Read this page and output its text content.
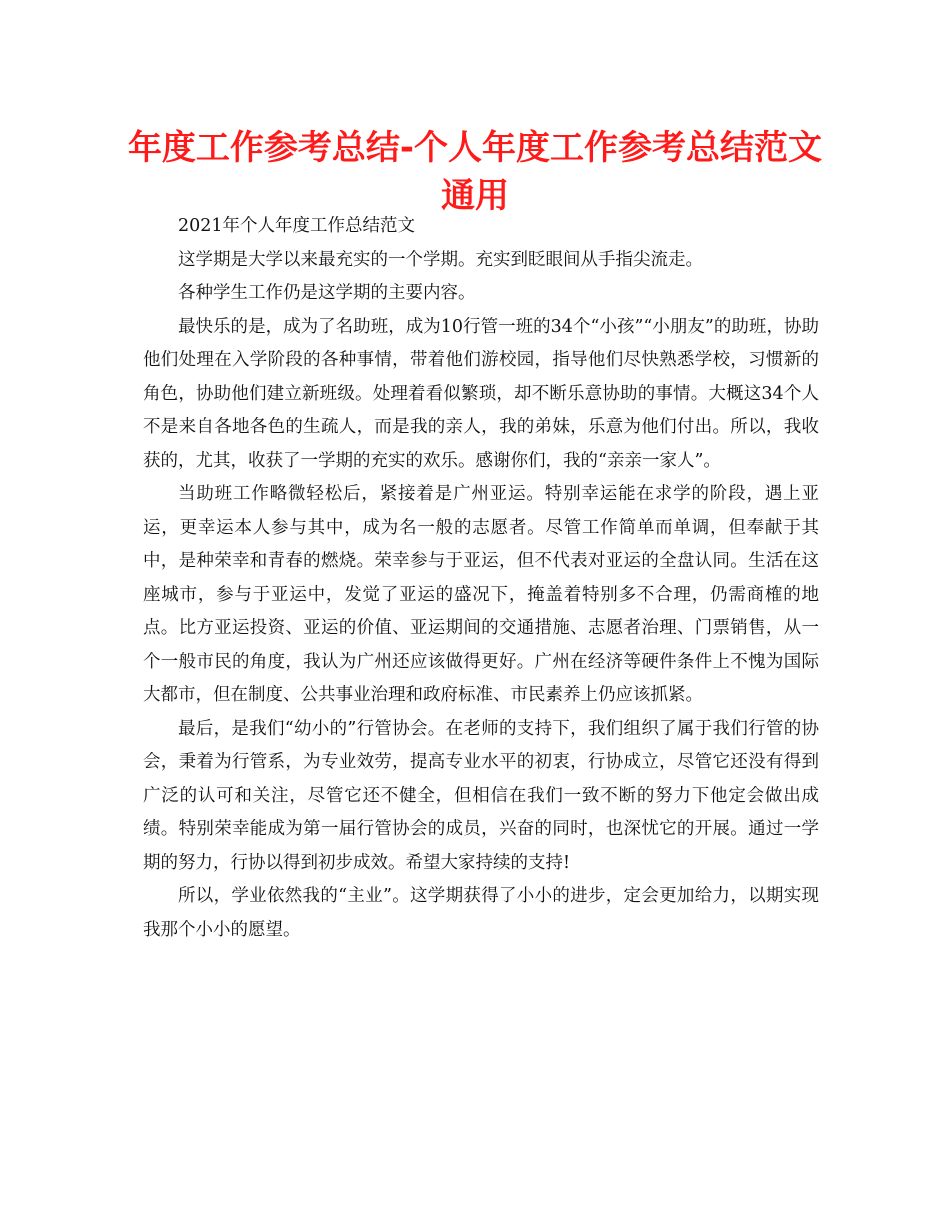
年度工作参考总结-个人年度工作参考总结范文通用

2021年个人年度工作总结范文

这学期是大学以来最充实的一个学期。充实到眨眼间从手指尖流走。

各种学生工作仍是这学期的主要内容。

最快乐的是，成为了名助班，成为10行管一班的34个“小孩”“小朋友”的助班，协助他们处理在入学阶段的各种事情，带着他们游校园，指导他们尽快熟悉学校，习惯新的角色，协助他们建立新班级。处理着看似繁琐，却不断乐意协助的事情。大概这34个人不是来自各地各色的生疏人，而是我的亲人，我的弟妹，乐意为他们付出。所以，我收获的，尤其，收获了一学期的充实的欢乐。感谢你们，我的“亲亲一家人”。

当助班工作略微轻松后，紧接着是广州亚运。特别幸运能在求学的阶段，遇上亚运，更幸运本人参与其中，成为名一般的志愿者。尽管工作简单而单调，但奉献于其中，是种荣幸和青春的燃烧。荣幸参与于亚运，但不代表对亚运的全盘认同。生活在这座城市，参与于亚运中，发觉了亚运的盛况下，掩盖着特别多不合理，仍需商榷的地点。比方亚运投资、亚运的价值、亚运期间的交通措施、志愿者治理、门票销售，从一个一般市民的角度，我认为广州还应该做得更好。广州在经济等硬件条件上不愧为国际大都市，但在制度、公共事业治理和政府标准、市民素养上仍应该抓紧。

最后，是我们“幼小的”行管协会。在老师的支持下，我们组织了属于我们行管的协会，秉着为行管系，为专业效劳，提高专业水平的初衷，行协成立，尽管它还没有得到广泛的认可和关注，尽管它还不健全，但相信在我们一致不断的努力下他定会做出成绩。特别荣幸能成为第一届行管协会的成员，兴奋的同时，也深忧它的开展。通过一学期的努力，行协以得到初步成效。希望大家持续的支持!

所以，学业依然我的“主业”。这学期获得了小小的进步，定会更加给力，以期实现我那个小小的愿望。
